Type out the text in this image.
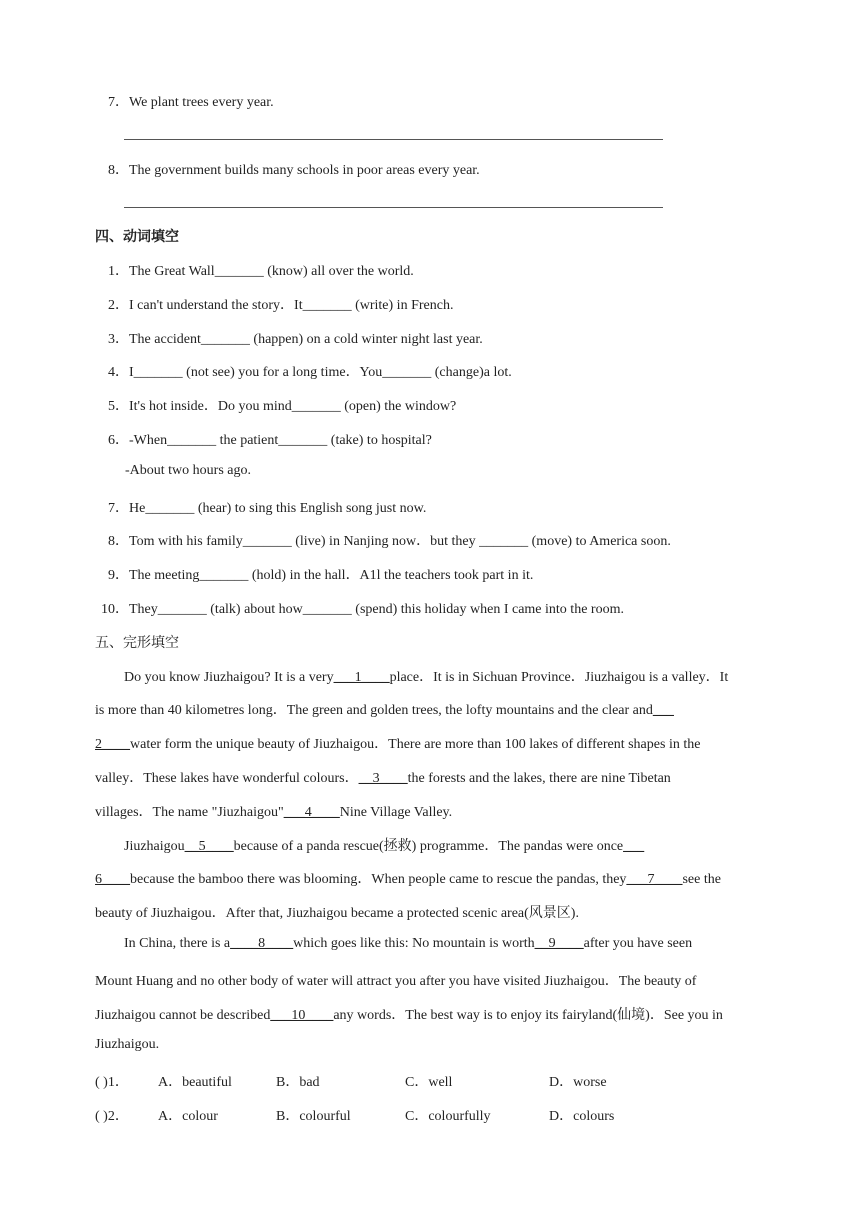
7．We plant trees every year.
8．The government builds many schools in poor areas every year.
四、动词填空
1．The Great Wall_______ (know) all over the world.
2．I can't understand the story．It_______ (write) in French.
3．The accident_______ (happen) on a cold winter night last year.
4．I_______ (not see) you for a long time．You_______ (change)a lot.
5．It's hot inside．Do you mind_______ (open) the window?
6．-When_______ the patient_______ (take) to hospital?
-About two hours ago.
7．He_______ (hear) to sing this English song just now.
8．Tom with his family_______ (live) in Nanjing now．but they _______ (move) to America soon.
9．The meeting_______ (hold) in the hall．A1l the teachers took part in it.
10．They_______ (talk) about how_______ (spend) this holiday when I came into the room.
五、完形填空
Do you know Jiuzhaigou? It is a very___1____place．It is in Sichuan Province．Jiuzhaigou is a valley．It
is more than 40 kilometres long．The green and golden trees, the lofty mountains and the clear and___
2____water form the unique beauty of Jiuzhaigou．There are more than 100 lakes of different shapes in the
valley．These lakes have wonderful colours．__3____the forests and the lakes, there are nine Tibetan
villages．The name "Jiuzhaigou"___4____Nine Village Valley.
Jiuzhaigou__5____because of a panda rescue(拯救) programme．The pandas were once___
6____because the bamboo there was blooming．When people came to rescue the pandas, they___7____see the
beauty of Jiuzhaigou．After that, Jiuzhaigou became a protected scenic area(风景区).
In China, there is a____8____which goes like this: No mountain is worth__9____after you have seen
Mount Huang and no other body of water will attract you after you have visited Jiuzhaigou．The beauty of
Jiuzhaigou cannot be described___10____any words．The best way is to enjoy its fairyland(仙境)．See you in
Jiuzhaigou.
( )1． A．beautiful	B．bad	C．well	D．worse
( )2． A．colour	B．colourful	C．colourfully	D．colours
